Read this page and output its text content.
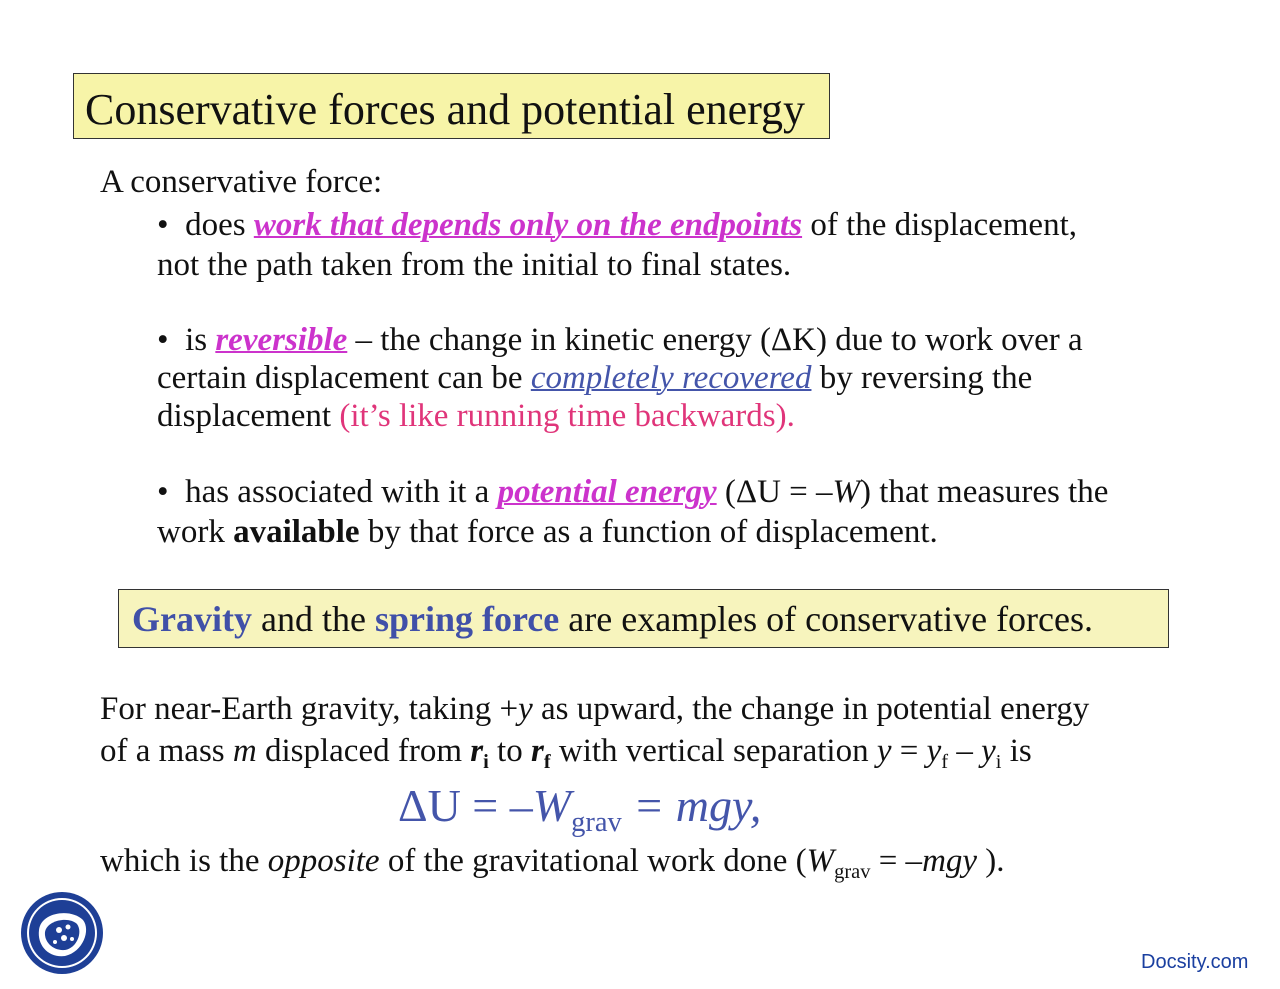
Conservative forces and potential energy
A conservative force:
• does work that depends only on the endpoints of the displacement,
not the path taken from the initial to final states.
• is reversible – the change in kinetic energy (ΔK) due to work over a
certain displacement can be completely recovered by reversing the
displacement (it’s like running time backwards).
• has associated with it a potential energy (ΔU = –W) that measures the
work available by that force as a function of displacement.
Gravity and the spring force are examples of conservative forces.
For near-Earth gravity, taking +y as upward, the change in potential energy
of a mass m displaced from $r_i$ to $r_f$ with vertical separation $y = y_f - y_i$ is
$\Delta U = -W_{grav}$ = mgy,
which is the opposite of the gravitational work done ($W_{grav} = -mgy$ ).
Docsity.com
